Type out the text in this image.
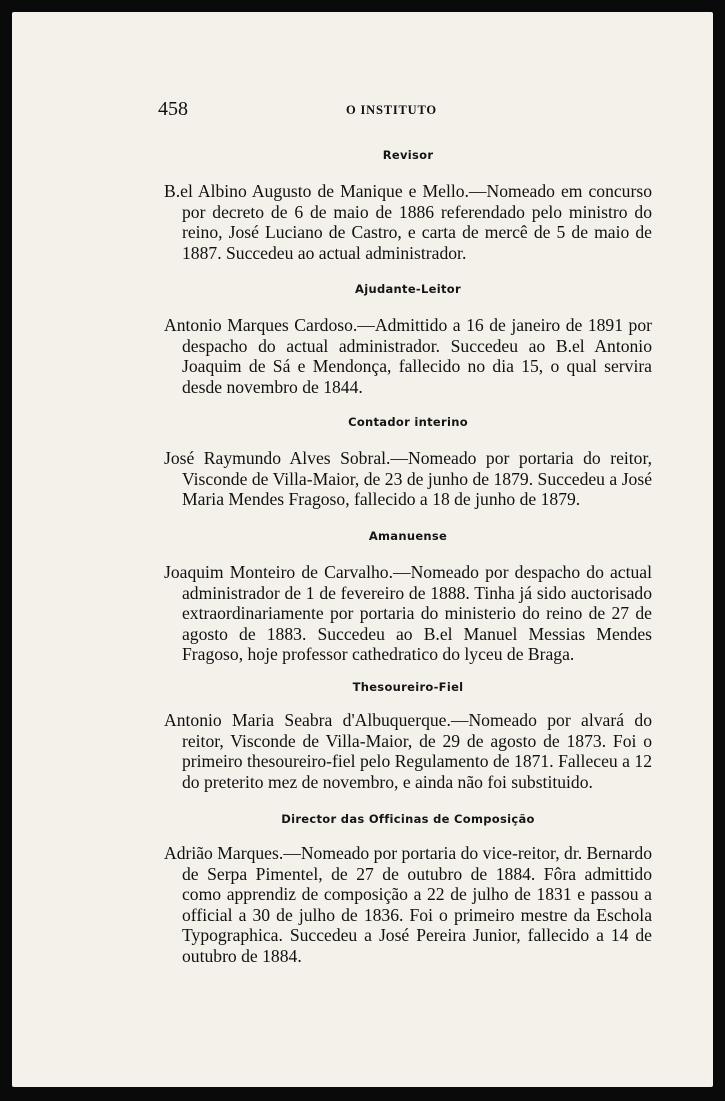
458	O INSTITUTO
Revisor

B.el Albino Augusto de Manique e Mello.—Nomeado em concurso por decreto de 6 de maio de 1886 referendado pelo ministro do reino, José Luciano de Castro, e carta de mercê de 5 de maio de 1887. Succedeu ao actual administrador.

Ajudante-Leitor

Antonio Marques Cardoso.—Admittido a 16 de janeiro de 1891 por despacho do actual administrador. Succedeu ao B.el Antonio Joaquim de Sá e Mendonça, fallecido no dia 15, o qual servira desde novembro de 1844.

Contador interino

José Raymundo Alves Sobral.—Nomeado por portaria do reitor, Visconde de Villa-Maior, de 23 de junho de 1879. Succedeu a José Maria Mendes Fragoso, fallecido a 18 de junho de 1879.

Amanuense

Joaquim Monteiro de Carvalho.—Nomeado por despacho do actual administrador de 1 de fevereiro de 1888. Tinha já sido auctorisado extraordinariamente por portaria do ministerio do reino de 27 de agosto de 1883. Succedeu ao B.el Manuel Messias Mendes Fragoso, hoje professor cathedratico do lyceu de Braga.

Thesoureiro-Fiel

Antonio Maria Seabra d'Albuquerque.—Nomeado por alvará do reitor, Visconde de Villa-Maior, de 29 de agosto de 1873. Foi o primeiro thesoureiro-fiel pelo Regulamento de 1871. Falleceu a 12 do preterito mez de novembro, e ainda não foi substituido.

Director das Officinas de Composição

Adrião Marques.—Nomeado por portaria do vice-reitor, dr. Bernardo de Serpa Pimentel, de 27 de outubro de 1884. Fôra admittido como apprendiz de composição a 22 de julho de 1831 e passou a official a 30 de julho de 1836. Foi o primeiro mestre da Eschola Typographica. Succedeu a José Pereira Junior, fallecido a 14 de outubro de 1884.
